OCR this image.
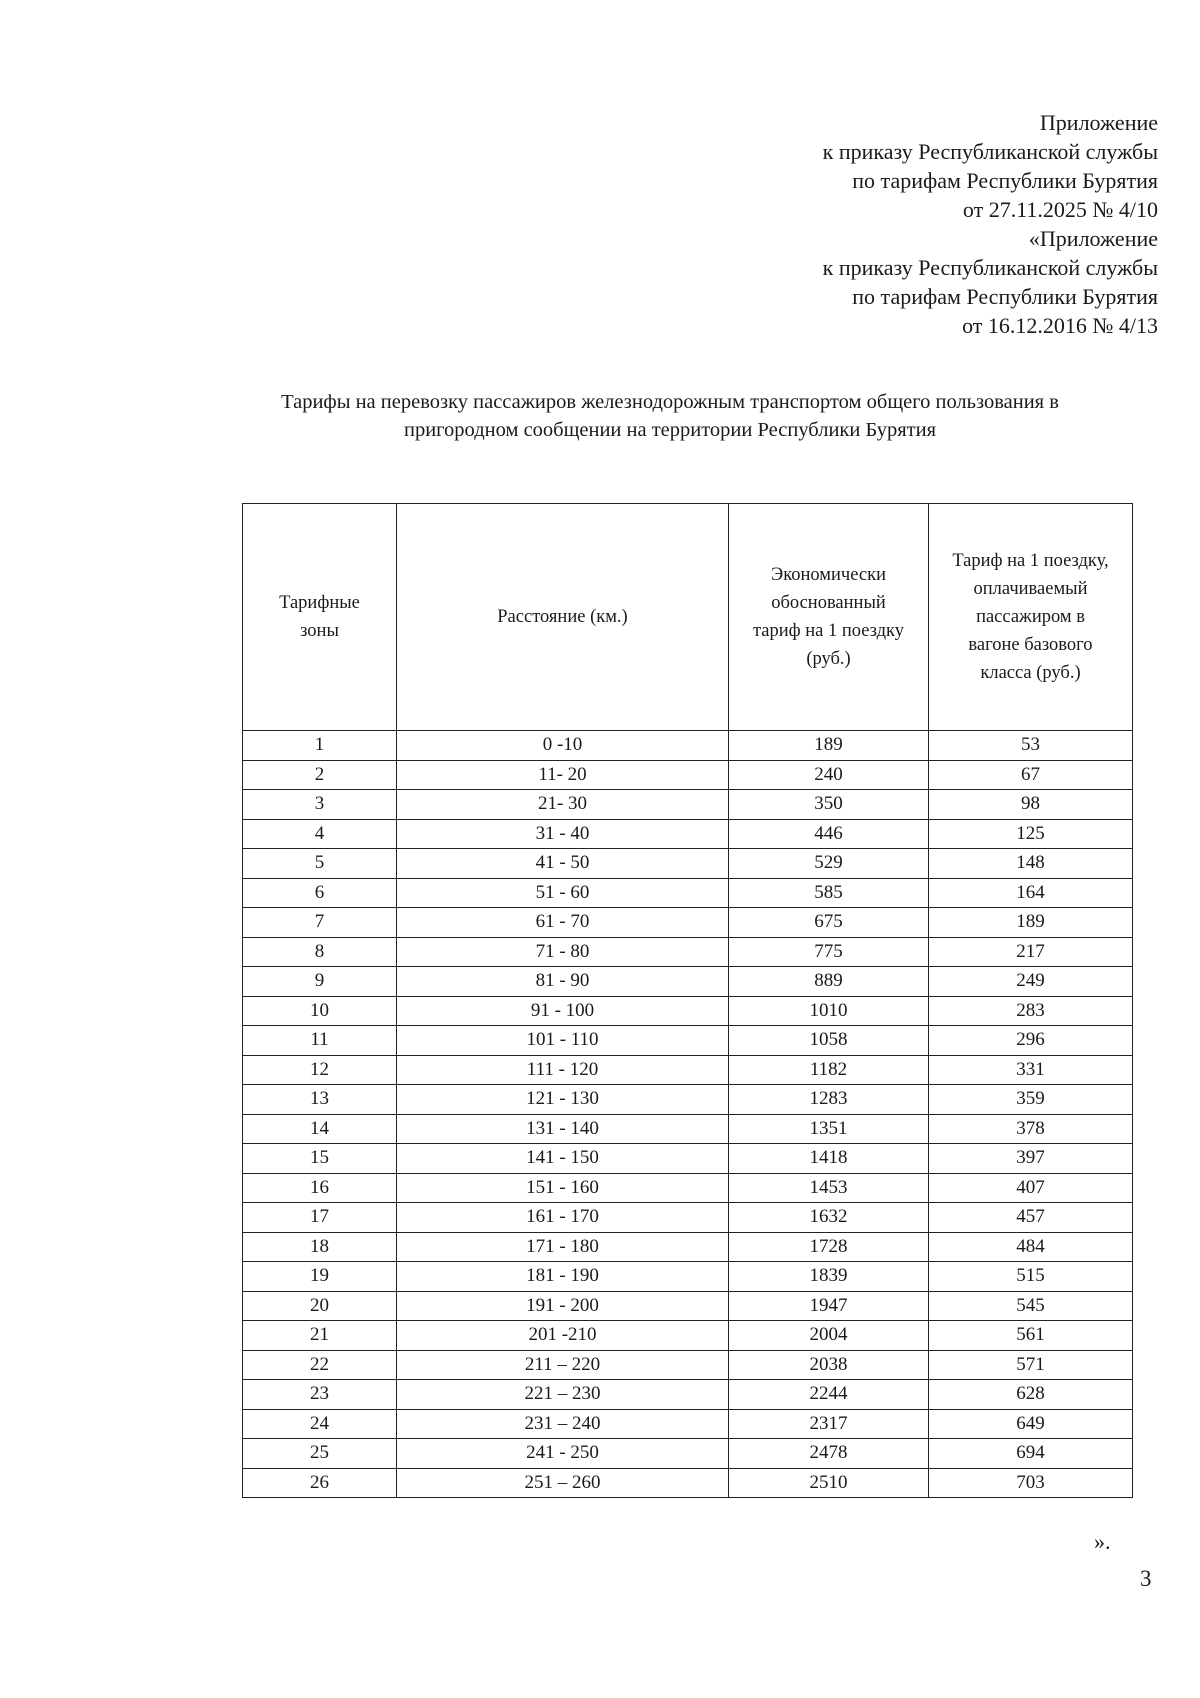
Приложение
к приказу Республиканской службы
по тарифам Республики Бурятия
от 27.11.2025 № 4/10
«Приложение
к приказу Республиканской службы
по тарифам Республики Бурятия
от 16.12.2016 № 4/13
Тарифы на перевозку пассажиров железнодорожным транспортом общего пользования в
пригородном сообщении на территории Республики Бурятия
Тарифные зоны	Расстояние (км.)	Экономически обоснованный тариф на 1 поездку (руб.)	Тариф на 1 поездку, оплачиваемый пассажиром в вагоне базового класса (руб.)
1	0 -10	189	53
2	11- 20	240	67
3	21- 30	350	98
4	31 - 40	446	125
5	41 - 50	529	148
6	51 - 60	585	164
7	61 - 70	675	189
8	71 - 80	775	217
9	81 - 90	889	249
10	91 - 100	1010	283
11	101 - 110	1058	296
12	111 - 120	1182	331
13	121 - 130	1283	359
14	131 - 140	1351	378
15	141 - 150	1418	397
16	151 - 160	1453	407
17	161 - 170	1632	457
18	171 - 180	1728	484
19	181 - 190	1839	515
20	191 - 200	1947	545
21	201 -210	2004	561
22	211 – 220	2038	571
23	221 – 230	2244	628
24	231 – 240	2317	649
25	241 - 250	2478	694
26	251 – 260	2510	703
».
3
